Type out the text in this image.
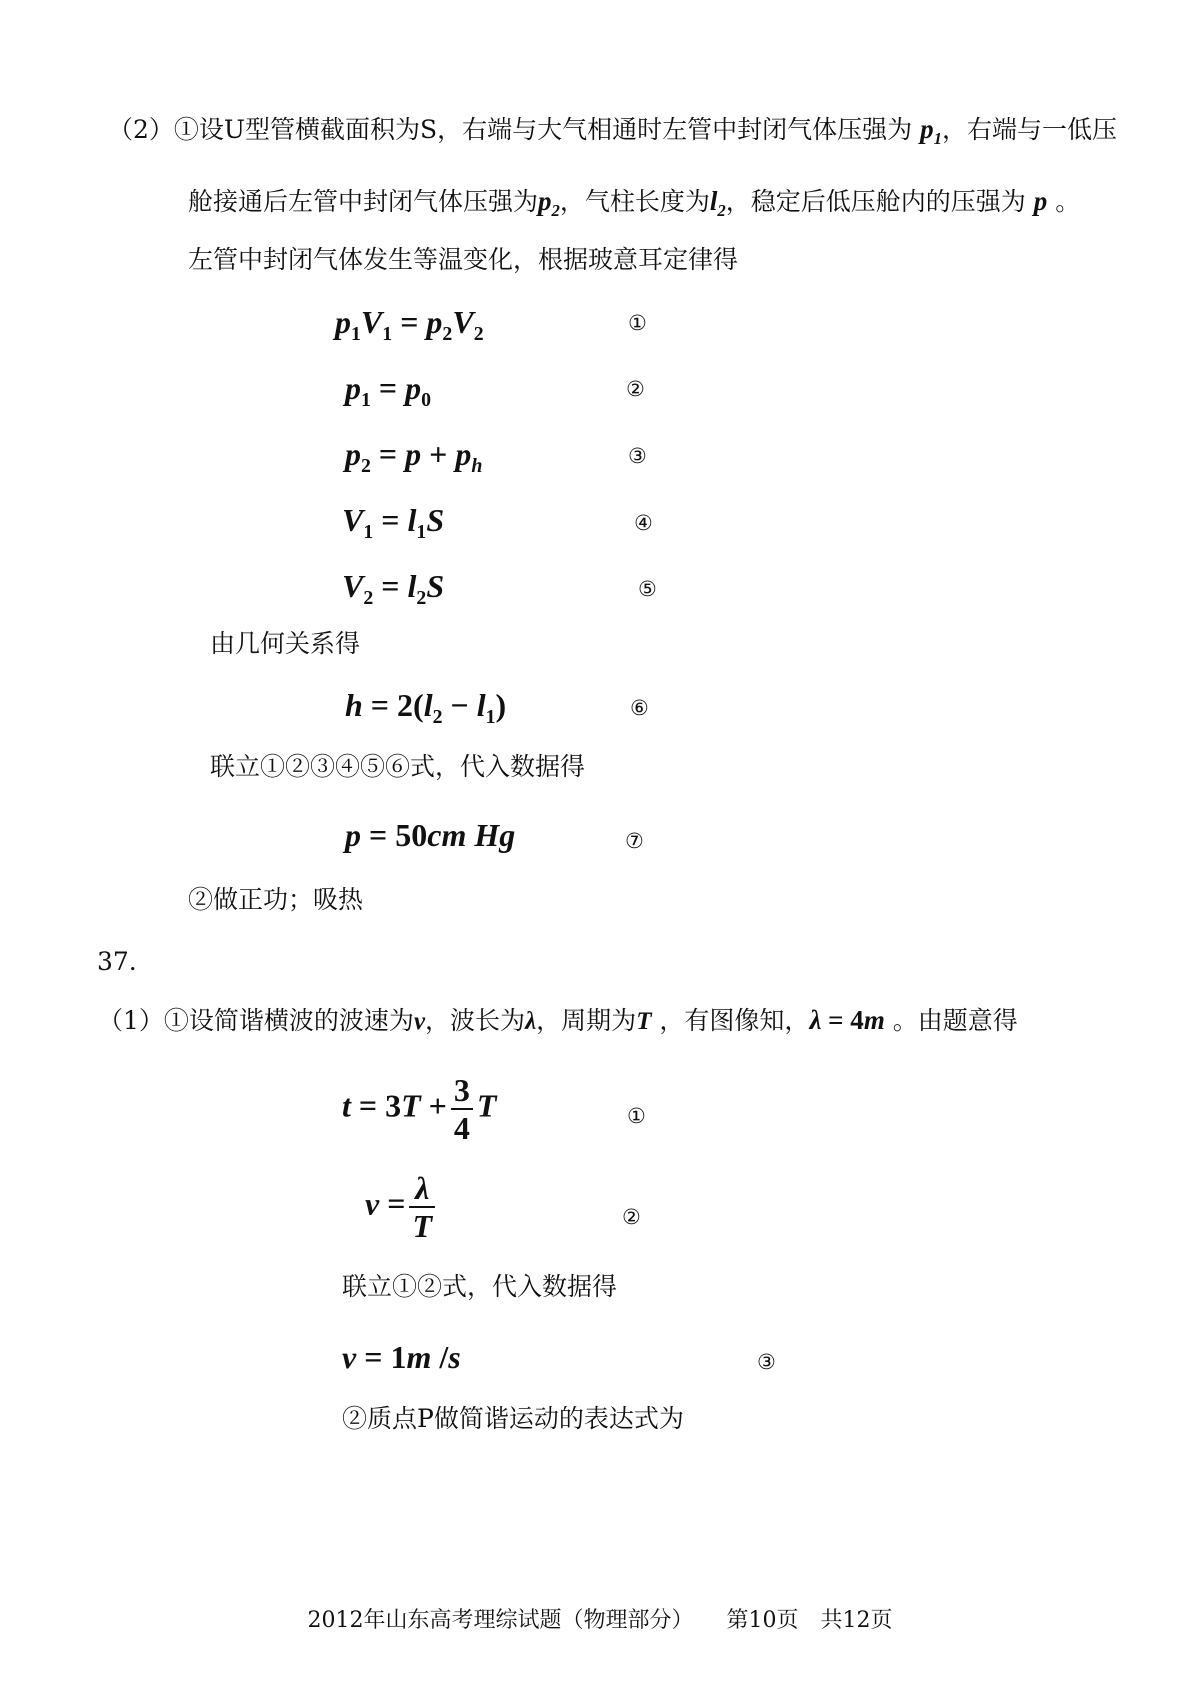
（2）①设U型管横截面积为S，右端与大气相通时左管中封闭气体压强为 $p_1$，右端与一低压
舱接通后左管中封闭气体压强为$p_2$，气柱长度为$l_2$，稳定后低压舱内的压强为 p 。
左管中封闭气体发生等温变化，根据玻意耳定律得
$p_1V_1 = p_2V_2$	①
$p_1 = p_0$	②
$p_2 = p + p_h$	③
$V_1 = l_1S$	④
$V_2 = l_2S$	⑤
由几何关系得
$h = 2(l_2 - l_1)$	⑥
联立①②③④⑤⑥式，代入数据得
p = 50cm Hg	⑦
②做正功；吸热
37.
（1）①设简谐横波的波速为v，波长为λ，周期为T ，有图像知，λ = 4m 。由题意得
$t = 3T + \frac{3}{4}$ T	①
$v = \frac{\lambda}{T}$	②
联立①②式，代入数据得
v = 1m /s	③
②质点P做简谐运动的表达式为
2012年山东高考理综试题（物理部分）　　第10页　共12页
